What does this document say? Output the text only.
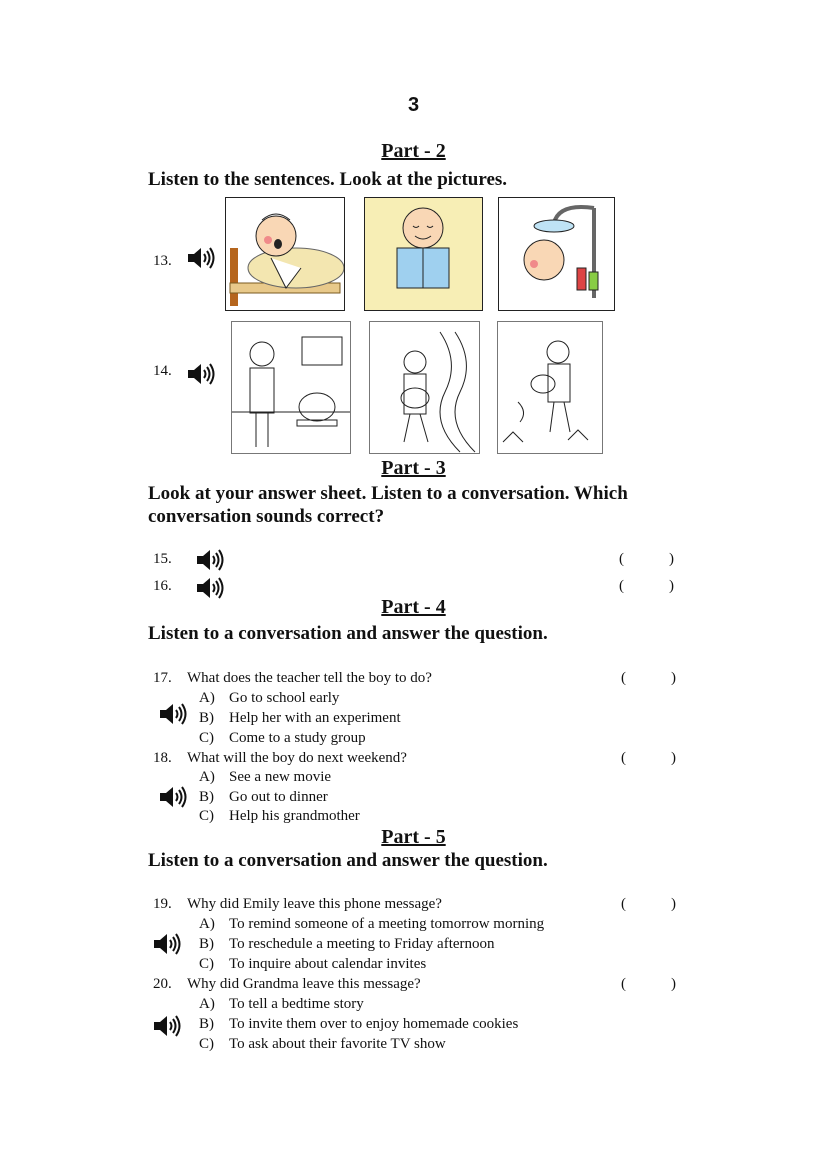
3
Part - 2
Listen to the sentences. Look at the pictures.
13.
14.
Part - 3
Look at your answer sheet. Listen to a conversation. Which conversation sounds correct?
15.	(	)
16.	(	)
Part - 4
Listen to a conversation and answer the question.
17. What does the teacher tell the boy to do?	(	)
A) Go to school early
B) Help her with an experiment
C) Come to a study group
18. What will the boy do next weekend?	(	)
A) See a new movie
B) Go out to dinner
C) Help his grandmother
Part - 5
Listen to a conversation and answer the question.
19. Why did Emily leave this phone message?	(	)
A) To remind someone of a meeting tomorrow morning
B) To reschedule a meeting to Friday afternoon
C) To inquire about calendar invites
20. Why did Grandma leave this message?	(	)
A) To tell a bedtime story
B) To invite them over to enjoy homemade cookies
C) To ask about their favorite TV show
